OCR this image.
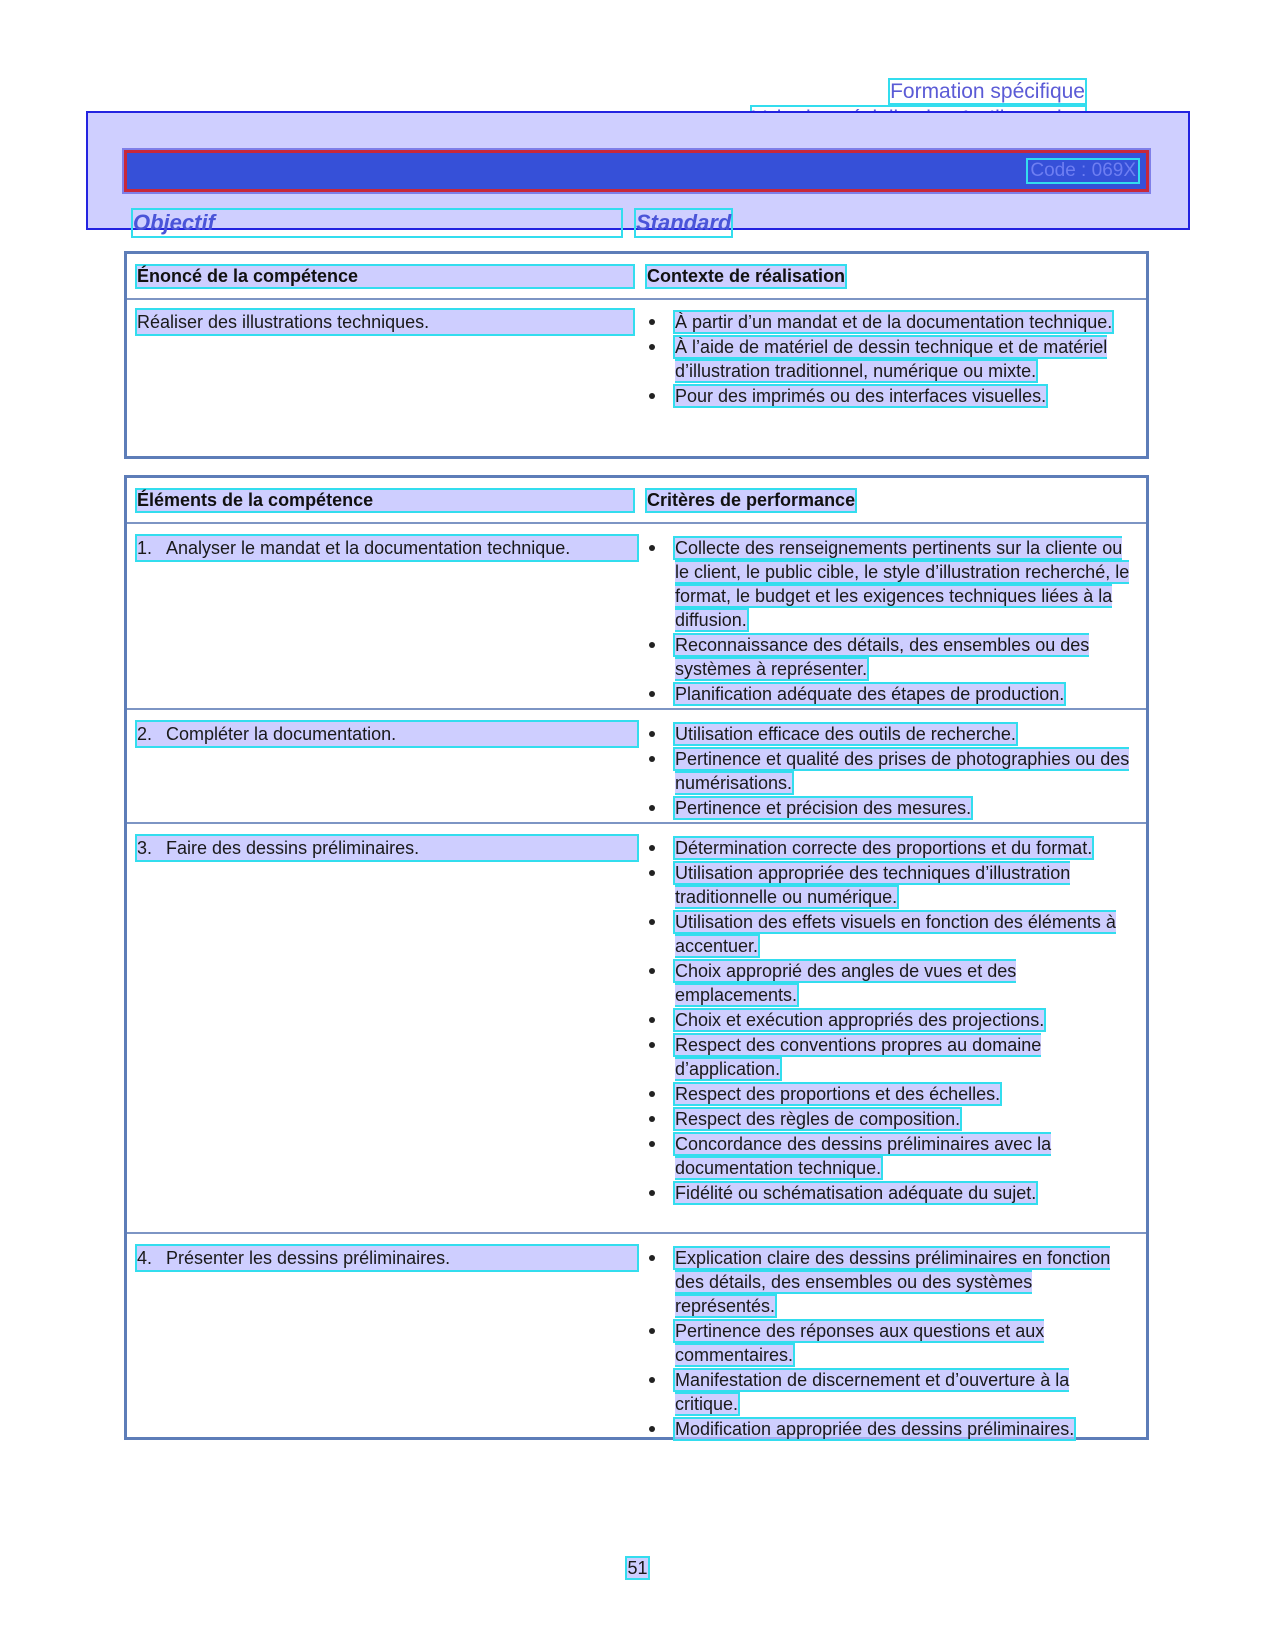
Formation spécifique
Code : 069X
Objectif	Standard
Énoncé de la compétence	Contexte de réalisation
Réaliser des illustrations techniques.	À partir d’un mandat et de la documentation technique.
À l’aide de matériel de dessin technique et de matériel d’illustration traditionnel, numérique ou mixte.
Pour des imprimés ou des interfaces visuelles.
Éléments de la compétence	Critères de performance
1. Analyser le mandat et la documentation technique.	Collecte des renseignements pertinents sur la cliente ou le client, le public cible, le style d’illustration recherché, le format, le budget et les exigences techniques liées à la diffusion.
Reconnaissance des détails, des ensembles ou des systèmes à représenter.
Planification adéquate des étapes de production.
2. Compléter la documentation.	Utilisation efficace des outils de recherche.
Pertinence et qualité des prises de photographies ou des numérisations.
Pertinence et précision des mesures.
3. Faire des dessins préliminaires.	Détermination correcte des proportions et du format.
Utilisation appropriée des techniques d’illustration traditionnelle ou numérique.
Utilisation des effets visuels en fonction des éléments à accentuer.
Choix approprié des angles de vues et des emplacements.
Choix et exécution appropriés des projections.
Respect des conventions propres au domaine d’application.
Respect des proportions et des échelles.
Respect des règles de composition.
Concordance des dessins préliminaires avec la documentation technique.
Fidélité ou schématisation adéquate du sujet.
4. Présenter les dessins préliminaires.	Explication claire des dessins préliminaires en fonction des détails, des ensembles ou des systèmes représentés.
Pertinence des réponses aux questions et aux commentaires.
Manifestation de discernement et d’ouverture à la critique.
Modification appropriée des dessins préliminaires.
51
